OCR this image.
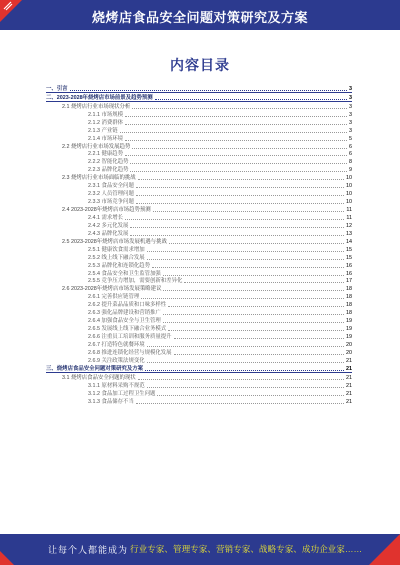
烧烤店食品安全问题对策研究及方案
内容目录
一、引言	3
二、2023-2028年烧烤店市场前景及趋势预测	3
2.1 烧烤店行业市场现状分析	3
2.1.1 市场规模	3
2.1.2 消费群体	3
2.1.3 产业链	3
2.1.4 市场环境	5
2.2 烧烤店行业市场发展趋势	6
2.2.1 健康趋势	6
2.2.2 智能化趋势	8
2.2.3 品牌化趋势	9
2.3 烧烤店行业市场面临的挑战	10
2.3.1 食品安全问题	10
2.3.2 人员管理问题	10
2.3.3 市场竞争问题	10
2.4 2023-2028年烧烤店市场趋势预测	11
2.4.1 需求增长	11
2.4.2 多元化发展	12
2.4.3 品牌化发展	13
2.5 2023-2028年烧烤店市场发展机遇与挑战	14
2.5.1 健康饮食需求增加	15
2.5.2 线上线下融合发展	15
2.5.3 品牌化和连锁化趋势	16
2.5.4 食品安全和卫生监管加强	16
2.5.5 竞争压力增加，需要创新和差异化	17
2.6 2023-2028年烧烤店市场发展策略建议	18
2.6.1 完善供应链管理	18
2.6.2 提升菜品品质和口味多样性	18
2.6.3 强化品牌建设和营销推广	18
2.6.4 加强食品安全与卫生管理	19
2.6.5 发展线上线下融合业务模式	19
2.6.6 注重员工培训和服务质量提升	19
2.6.7 打造特色就餐环境	20
2.6.8 推进连锁化经营与规模化发展	20
2.6.9 关注政策法规变化	21
三、烧烤店食品安全问题对策研究及方案	21
3.1 烧烤店食品安全问题的现状	21
3.1.1 原材料采购不规范	21
3.1.2 食品加工过程卫生问题	21
3.1.3 食品储存不当	21
让每个人都能成为 行业专家、管理专家、营销专家、战略专家、成功企业家……
